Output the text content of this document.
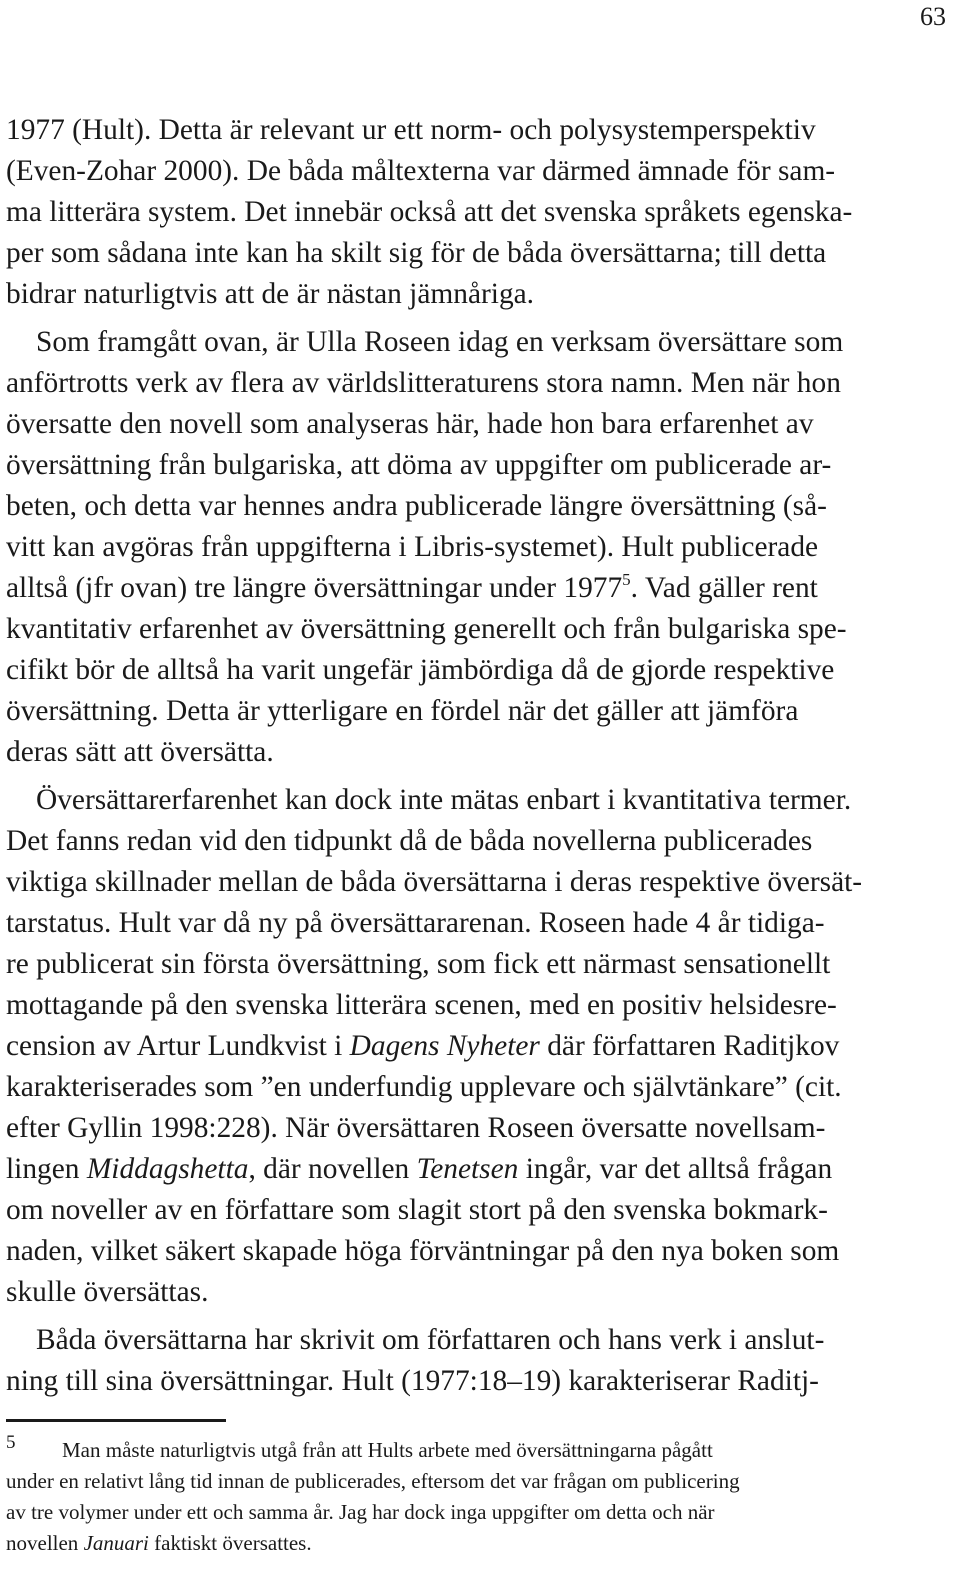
63
1977 (Hult). Detta är relevant ur ett norm- och polysystemperspektiv
(Even-Zohar 2000). De båda måltexterna var därmed ämnade för sam-
ma litterära system. Det innebär också att det svenska språkets egenska-
per som sådana inte kan ha skilt sig för de båda översättarna; till detta
bidrar naturligtvis att de är nästan jämnåriga.
Som framgått ovan, är Ulla Roseen idag en verksam översättare som
anförtrotts verk av flera av världslitteraturens stora namn. Men när hon
översatte den novell som analyseras här, hade hon bara erfarenhet av
översättning från bulgariska, att döma av uppgifter om publicerade ar-
beten, och detta var hennes andra publicerade längre översättning (så-
vitt kan avgöras från uppgifterna i Libris-systemet). Hult publicerade
alltså (jfr ovan) tre längre översättningar under 1977$^5$. Vad gäller rent
kvantitativ erfarenhet av översättning generellt och från bulgariska spe-
cifikt bör de alltså ha varit ungefär jämbördiga då de gjorde respektive
översättning. Detta är ytterligare en fördel när det gäller att jämföra
deras sätt att översätta.
Översättarerfarenhet kan dock inte mätas enbart i kvantitativa termer.
Det fanns redan vid den tidpunkt då de båda novellerna publicerades
viktiga skillnader mellan de båda översättarna i deras respektive översät-
tarstatus. Hult var då ny på översättararenan. Roseen hade 4 år tidiga-
re publicerat sin första översättning, som fick ett närmast sensationellt
mottagande på den svenska litterära scenen, med en positiv helsidesre-
cension av Artur Lundkvist i Dagens Nyheter där författaren Raditjkov
karakteriserades som ”en underfundig upplevare och självtänkare” (cit.
efter Gyllin 1998:228). När översättaren Roseen översatte novellsam-
lingen Middagshetta, där novellen Tenetsen ingår, var det alltså frågan
om noveller av en författare som slagit stort på den svenska bokmark-
naden, vilket säkert skapade höga förväntningar på den nya boken som
skulle översättas.
Båda översättarna har skrivit om författaren och hans verk i anslut-
ning till sina översättningar. Hult (1977:18–19) karakteriserar Raditj-
5 Man måste naturligtvis utgå från att Hults arbete med översättningarna pågått
under en relativt lång tid innan de publicerades, eftersom det var frågan om publicering
av tre volymer under ett och samma år. Jag har dock inga uppgifter om detta och när
novellen Januari faktiskt översattes.
